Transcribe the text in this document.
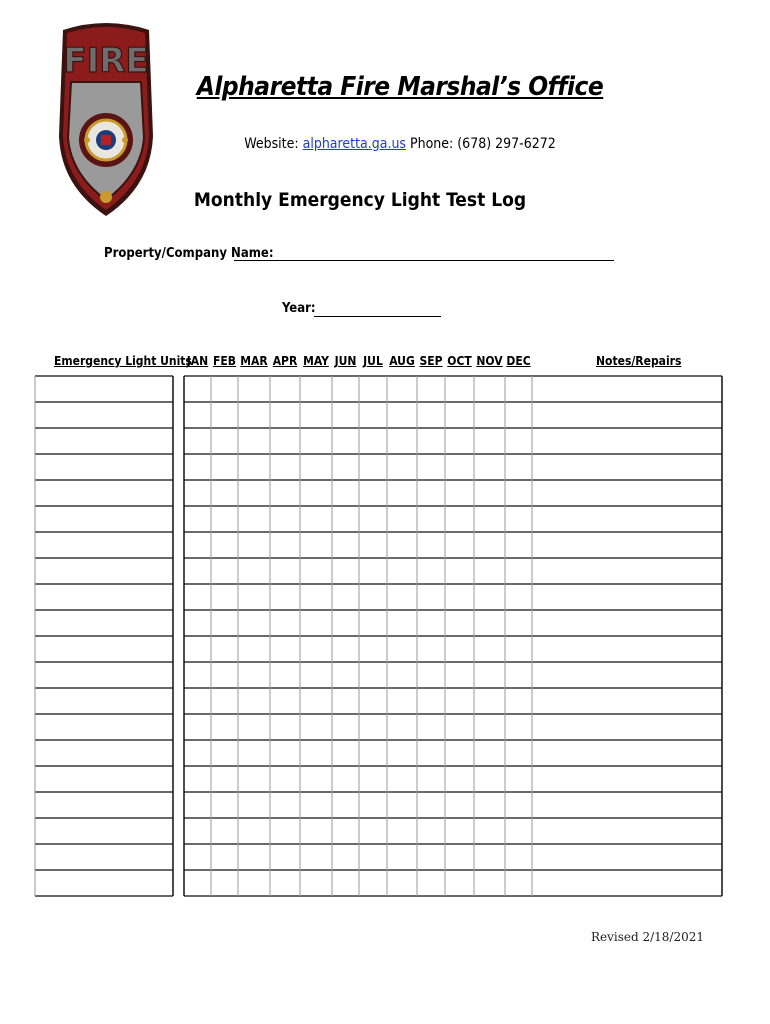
FIRE
Alpharetta Fire Marshal’s Office
Website: alpharetta.ga.us Phone: (678) 297-6272
Monthly Emergency Light Test Log
Property/Company Name:
Year:
Emergency Light Units
JAN FEB MAR APR MAY JUN JUL AUG SEP OCT NOV DEC	Notes/Repairs
Revised 2/18/2021
